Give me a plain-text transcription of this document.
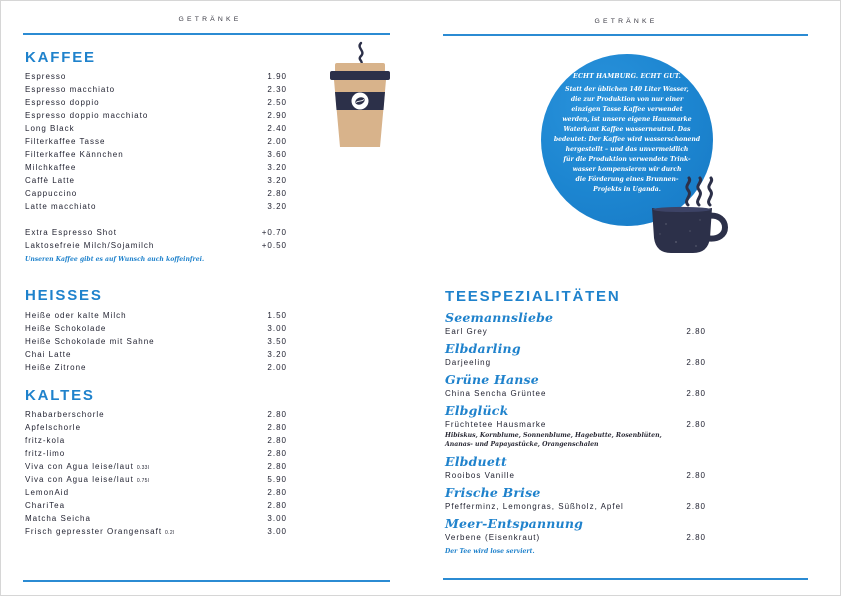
GETRÄNKE
KAFFEE
Espresso	1.90
Espresso macchiato	2.30
Espresso doppio	2.50
Espresso doppio macchiato	2.90
Long Black	2.40
Filterkaffee Tasse	2.00
Filterkaffee Kännchen	3.60
Milchkaffee	3.20
Caffè Latte	3.20
Cappuccino	2.80
Latte macchiato	3.20
Extra Espresso Shot	+0.70
Laktosefreie Milch/Sojamilch	+0.50
Unseren Kaffee gibt es auf Wunsch auch koffeinfrei.
HEISSES
Heiße oder kalte Milch	1.50
Heiße Schokolade	3.00
Heiße Schokolade mit Sahne	3.50
Chai Latte	3.20
Heiße Zitrone	2.00
KALTES
Rhabarberschorle	2.80
Apfelschorle	2.80
fritz-kola	2.80
fritz-limo	2.80
Viva con Agua leise/laut 0.33l	2.80
Viva con Agua leise/laut 0.75l	5.90
LemonAid	2.80
ChariTea	2.80
Matcha Seicha	3.00
Frisch gepresster Orangensaft 0.2l	3.00
GETRÄNKE
ECHT HAMBURG. ECHT GUT.
Statt der üblichen 140 Liter Wasser,
die zur Produktion von nur einer
einzigen Tasse Kaffee verwendet
werden, ist unsere eigene Hausmarke
Waterkant Kaffee wasserneutral. Das
bedeutet: Der Kaffee wird wasserschonend
hergestellt – und das unvermeidlich
für die Produktion verwendete Trink-
wasser kompensieren wir durch
die Förderung eines Brunnen-
Projekts in Uganda.
TEESPEZIALITÄTEN
Seemannsliebe
Earl Grey	2.80
Elbdarling
Darjeeling	2.80
Grüne Hanse
China Sencha Grüntee	2.80
Elbglück
Früchtetee Hausmarke	2.80
Hibiskus, Kornblume, Sonnenblume, Hagebutte, Rosenblüten,
Ananas- und Papayastücke, Orangenschalen
Elbduett
Rooibos Vanille	2.80
Frische Brise
Pfefferminz, Lemongras, Süßholz, Apfel	2.80
Meer-Entspannung
Verbene (Eisenkraut)	2.80
Der Tee wird lose serviert.
